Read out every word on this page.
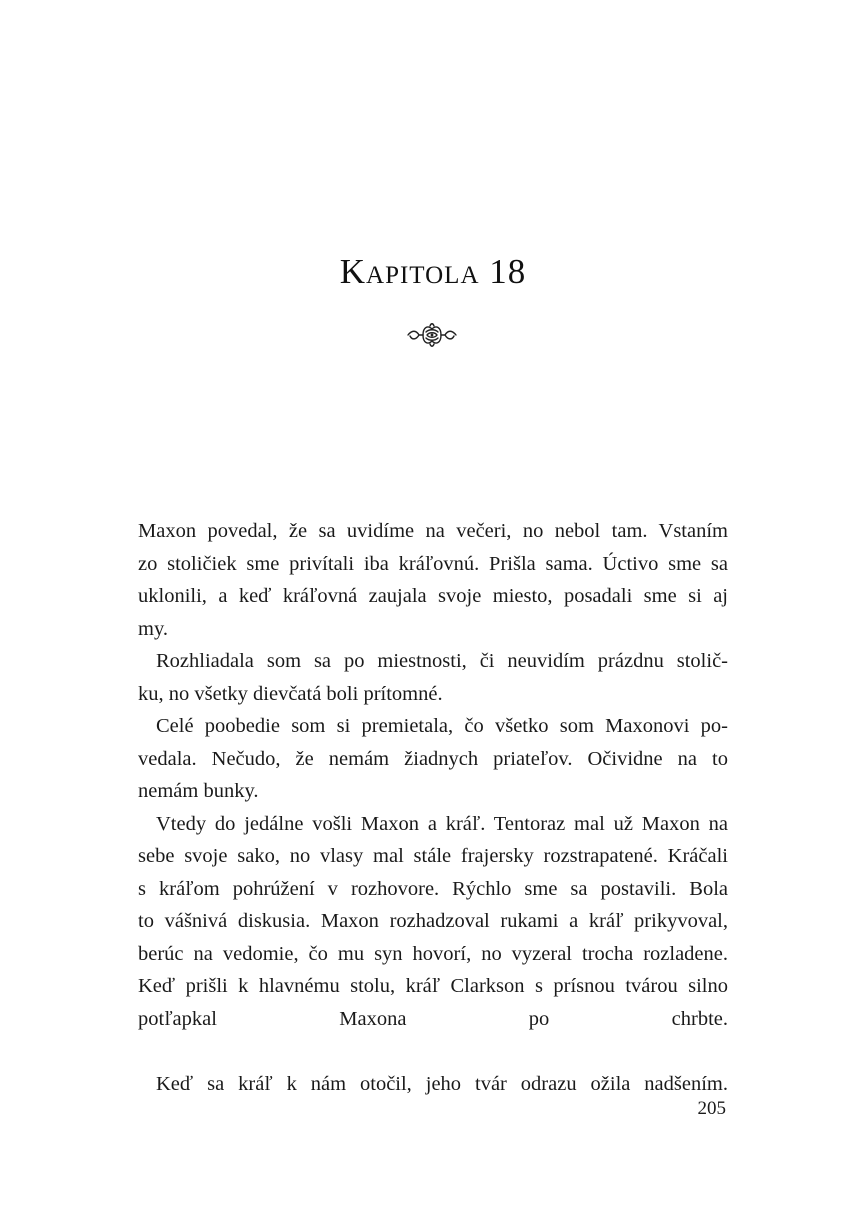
Kapitola 18
Maxon povedal, že sa uvidíme na večeri, no nebol tam. Vstaním
zo stoličiek sme privítali iba kráľovnú. Prišla sama. Úctivo sme sa
uklonili, a keď kráľovná zaujala svoje miesto, posadali sme si aj
my.
Rozhliadala som sa po miestnosti, či neuvidím prázdnu stolič-
ku, no všetky dievčatá boli prítomné.
Celé poobedie som si premietala, čo všetko som Maxonovi po-
vedala. Nečudo, že nemám žiadnych priateľov. Očividne na to
nemám bunky.
Vtedy do jedálne vošli Maxon a kráľ. Tentoraz mal už Maxon na
sebe svoje sako, no vlasy mal stále frajersky rozstrapatené. Kráčali
s kráľom pohrúžení v rozhovore. Rýchlo sme sa postavili. Bola
to vášnivá diskusia. Maxon rozhadzoval rukami a kráľ prikyvoval,
berúc na vedomie, čo mu syn hovorí, no vyzeral trocha rozladene.
Keď prišli k hlavnému stolu, kráľ Clarkson s prísnou tvárou silno
potľapkal Maxona po chrbte.
Keď sa kráľ k nám otočil, jeho tvár odrazu ožila nadšením.
205
